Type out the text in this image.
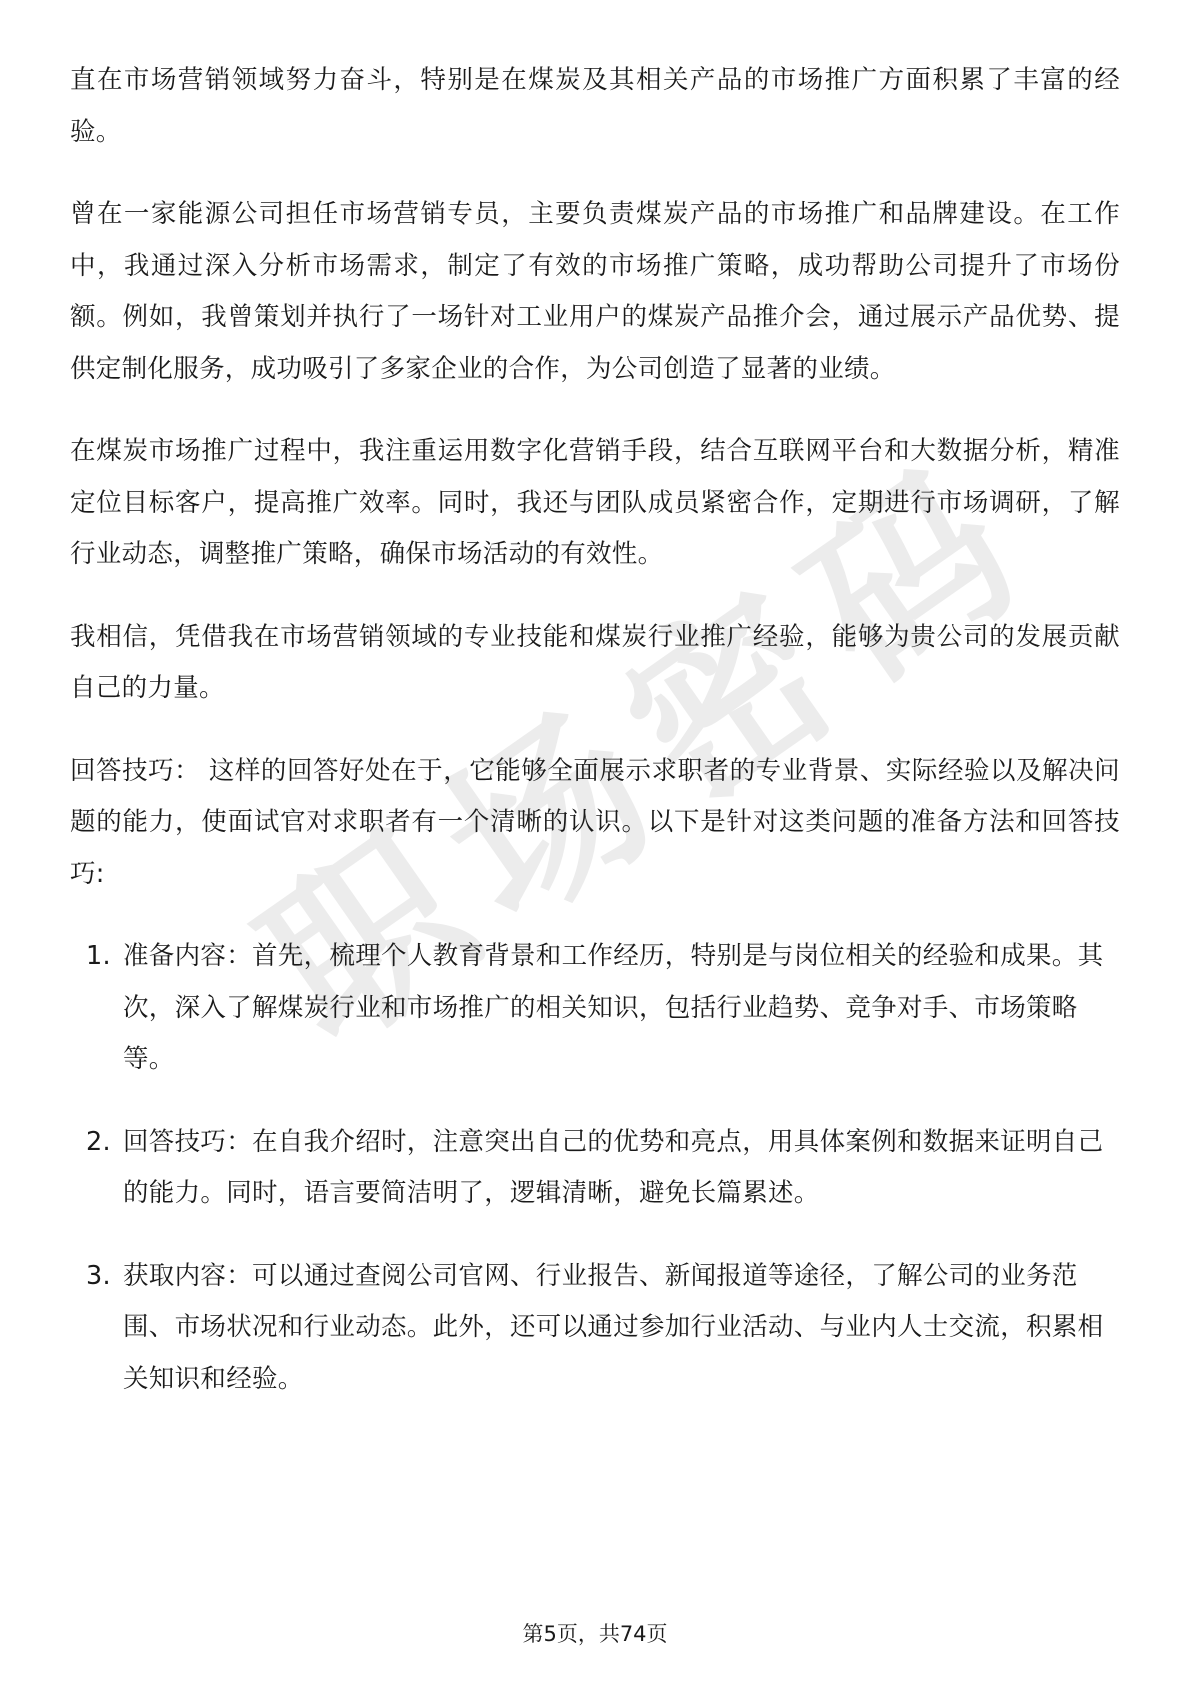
职
场
密
码

直在市场营销领域努力奋斗，特别是在煤炭及其相关产品的市场推广方面积累了丰富的经验。

曾在一家能源公司担任市场营销专员，主要负责煤炭产品的市场推广和品牌建设。在工作中，我通过深入分析市场需求，制定了有效的市场推广策略，成功帮助公司提升了市场份额。例如，我曾策划并执行了一场针对工业用户的煤炭产品推介会，通过展示产品优势、提供定制化服务，成功吸引了多家企业的合作，为公司创造了显著的业绩。

在煤炭市场推广过程中，我注重运用数字化营销手段，结合互联网平台和大数据分析，精准定位目标客户，提高推广效率。同时，我还与团队成员紧密合作，定期进行市场调研，了解行业动态，调整推广策略，确保市场活动的有效性。

我相信，凭借我在市场营销领域的专业技能和煤炭行业推广经验，能够为贵公司的发展贡献自己的力量。

回答技巧： 这样的回答好处在于，它能够全面展示求职者的专业背景、实际经验以及解决问题的能力，使面试官对求职者有一个清晰的认识。以下是针对这类问题的准备方法和回答技巧:

1. 准备内容：首先，梳理个人教育背景和工作经历，特别是与岗位相关的经验和成果。其次，深入了解煤炭行业和市场推广的相关知识，包括行业趋势、竞争对手、市场策略等。
2. 回答技巧：在自我介绍时，注意突出自己的优势和亮点，用具体案例和数据来证明自己的能力。同时，语言要简洁明了，逻辑清晰，避免长篇累述。
3. 获取内容：可以通过查阅公司官网、行业报告、新闻报道等途径，了解公司的业务范围、市场状况和行业动态。此外，还可以通过参加行业活动、与业内人士交流，积累相关知识和经验。
第5页，共74页
